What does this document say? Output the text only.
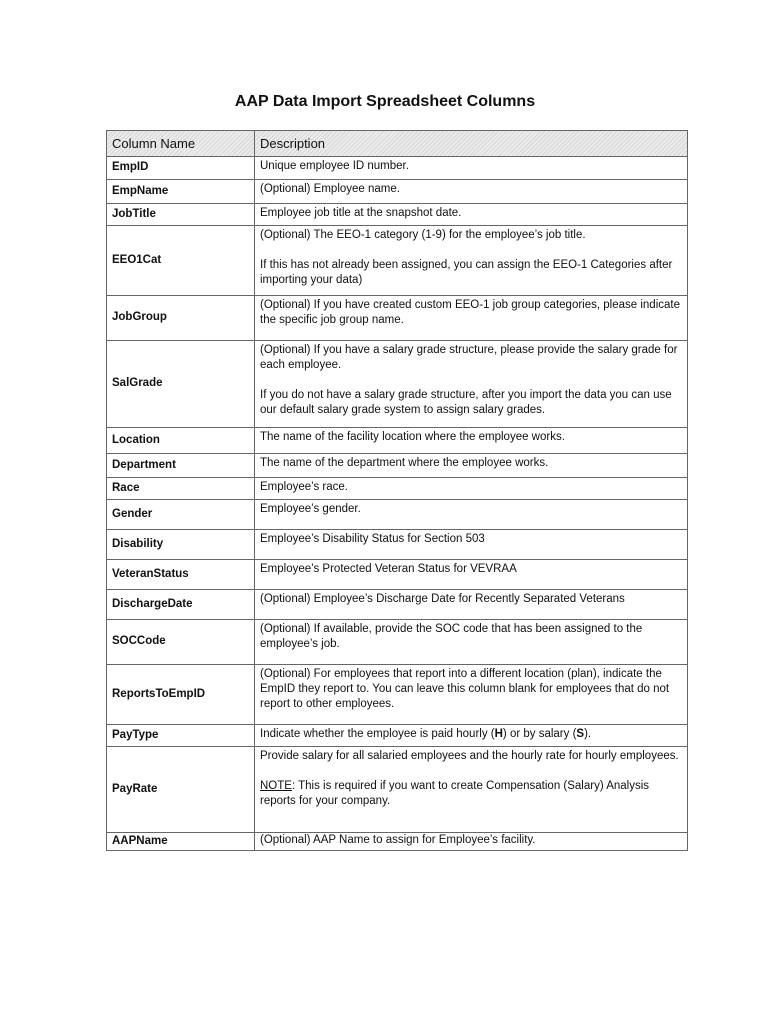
AAP Data Import Spreadsheet Columns
Column Name	Description
EmpID	Unique employee ID number.

EmpName	(Optional) Employee name.

JobTitle	Employee job title at the snapshot date.

EEO1Cat	(Optional) The EEO-1 category (1-9) for the employee’s job title.

If this has not already been assigned, you can assign the EEO-1 Categories after importing your data)

JobGroup	(Optional) If you have created custom EEO-1 job group categories, please indicate the specific job group name.

SalGrade	(Optional) If you have a salary grade structure, please provide the salary grade for each employee.

If you do not have a salary grade structure, after you import the data you can use our default salary grade system to assign salary grades.

Location	The name of the facility location where the employee works.

Department	The name of the department where the employee works.

Race	Employee’s race.

Gender	Employee’s gender.

Disability	Employee’s Disability Status for Section 503

VeteranStatus	Employee’s Protected Veteran Status for VEVRAA

DischargeDate	(Optional) Employee’s Discharge Date for Recently Separated Veterans

SOCCode	(Optional) If available, provide the SOC code that has been assigned to the employee’s job.

ReportsToEmpID	(Optional) For employees that report into a different location (plan), indicate the EmpID they report to. You can leave this column blank for employees that do not report to other employees.

PayType	Indicate whether the employee is paid hourly (H) or by salary (S).

PayRate	Provide salary for all salaried employees and the hourly rate for hourly employees.

NOTE: This is required if you want to create Compensation (Salary) Analysis reports for your company.

AAPName	(Optional) AAP Name to assign for Employee’s facility.
